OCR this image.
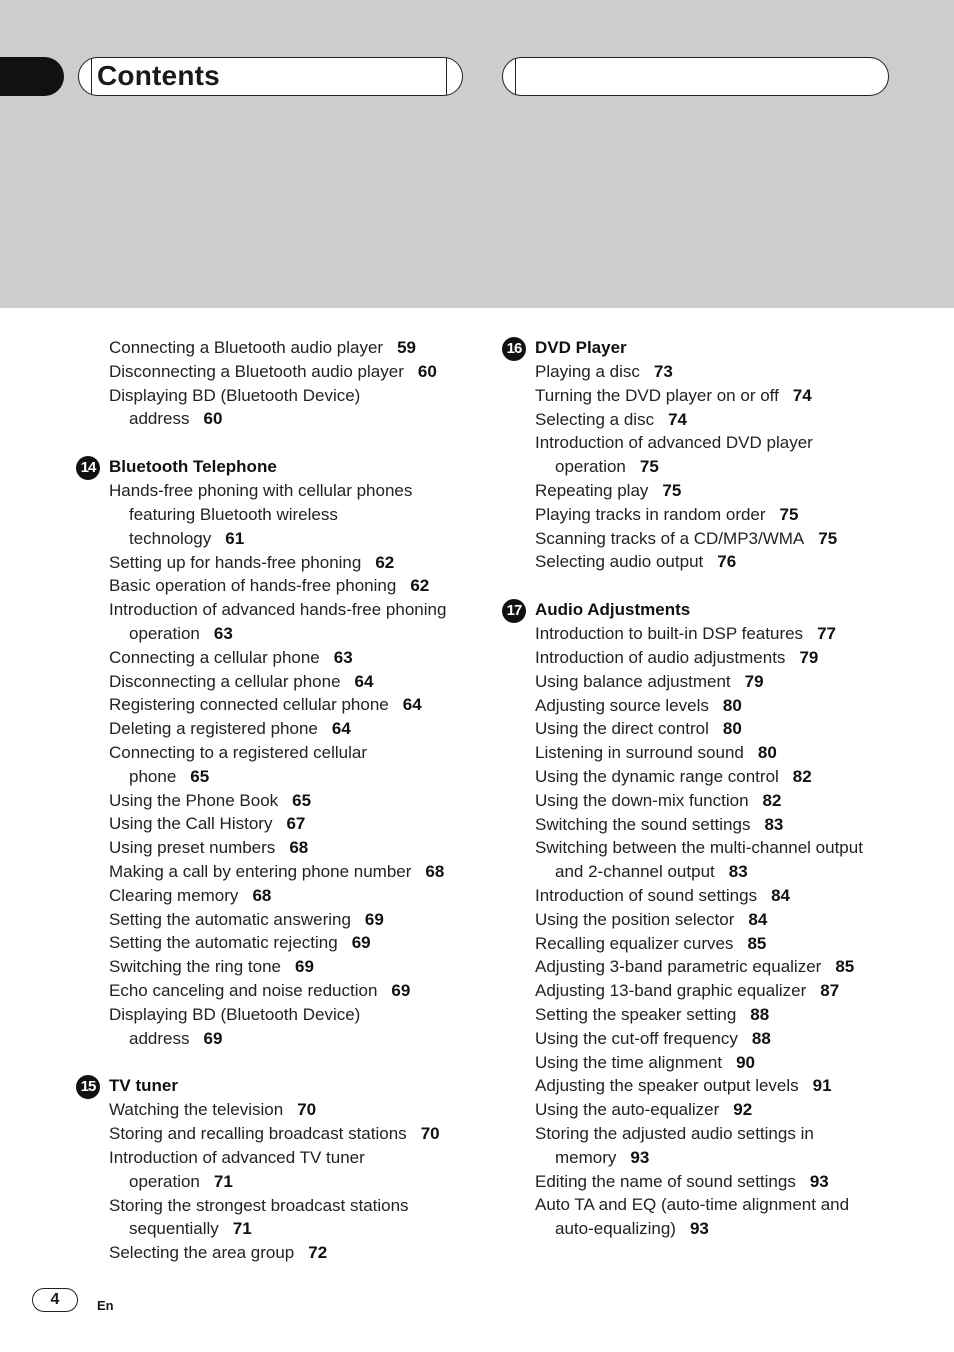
Contents
Connecting a Bluetooth audio player 59
Disconnecting a Bluetooth audio player 60
Displaying BD (Bluetooth Device)
address 60
14 Bluetooth Telephone
Hands-free phoning with cellular phones
featuring Bluetooth wireless
technology 61
Setting up for hands-free phoning 62
Basic operation of hands-free phoning 62
Introduction of advanced hands-free phoning
operation 63
Connecting a cellular phone 63
Disconnecting a cellular phone 64
Registering connected cellular phone 64
Deleting a registered phone 64
Connecting to a registered cellular
phone 65
Using the Phone Book 65
Using the Call History 67
Using preset numbers 68
Making a call by entering phone number 68
Clearing memory 68
Setting the automatic answering 69
Setting the automatic rejecting 69
Switching the ring tone 69
Echo canceling and noise reduction 69
Displaying BD (Bluetooth Device)
address 69
15 TV tuner
Watching the television 70
Storing and recalling broadcast stations 70
Introduction of advanced TV tuner
operation 71
Storing the strongest broadcast stations
sequentially 71
Selecting the area group 72
16 DVD Player
Playing a disc 73
Turning the DVD player on or off 74
Selecting a disc 74
Introduction of advanced DVD player
operation 75
Repeating play 75
Playing tracks in random order 75
Scanning tracks of a CD/MP3/WMA 75
Selecting audio output 76
17 Audio Adjustments
Introduction to built-in DSP features 77
Introduction of audio adjustments 79
Using balance adjustment 79
Adjusting source levels 80
Using the direct control 80
Listening in surround sound 80
Using the dynamic range control 82
Using the down-mix function 82
Switching the sound settings 83
Switching between the multi-channel output
and 2-channel output 83
Introduction of sound settings 84
Using the position selector 84
Recalling equalizer curves 85
Adjusting 3-band parametric equalizer 85
Adjusting 13-band graphic equalizer 87
Setting the speaker setting 88
Using the cut-off frequency 88
Using the time alignment 90
Adjusting the speaker output levels 91
Using the auto-equalizer 92
Storing the adjusted audio settings in
memory 93
Editing the name of sound settings 93
Auto TA and EQ (auto-time alignment and
auto-equalizing) 93
4	En
